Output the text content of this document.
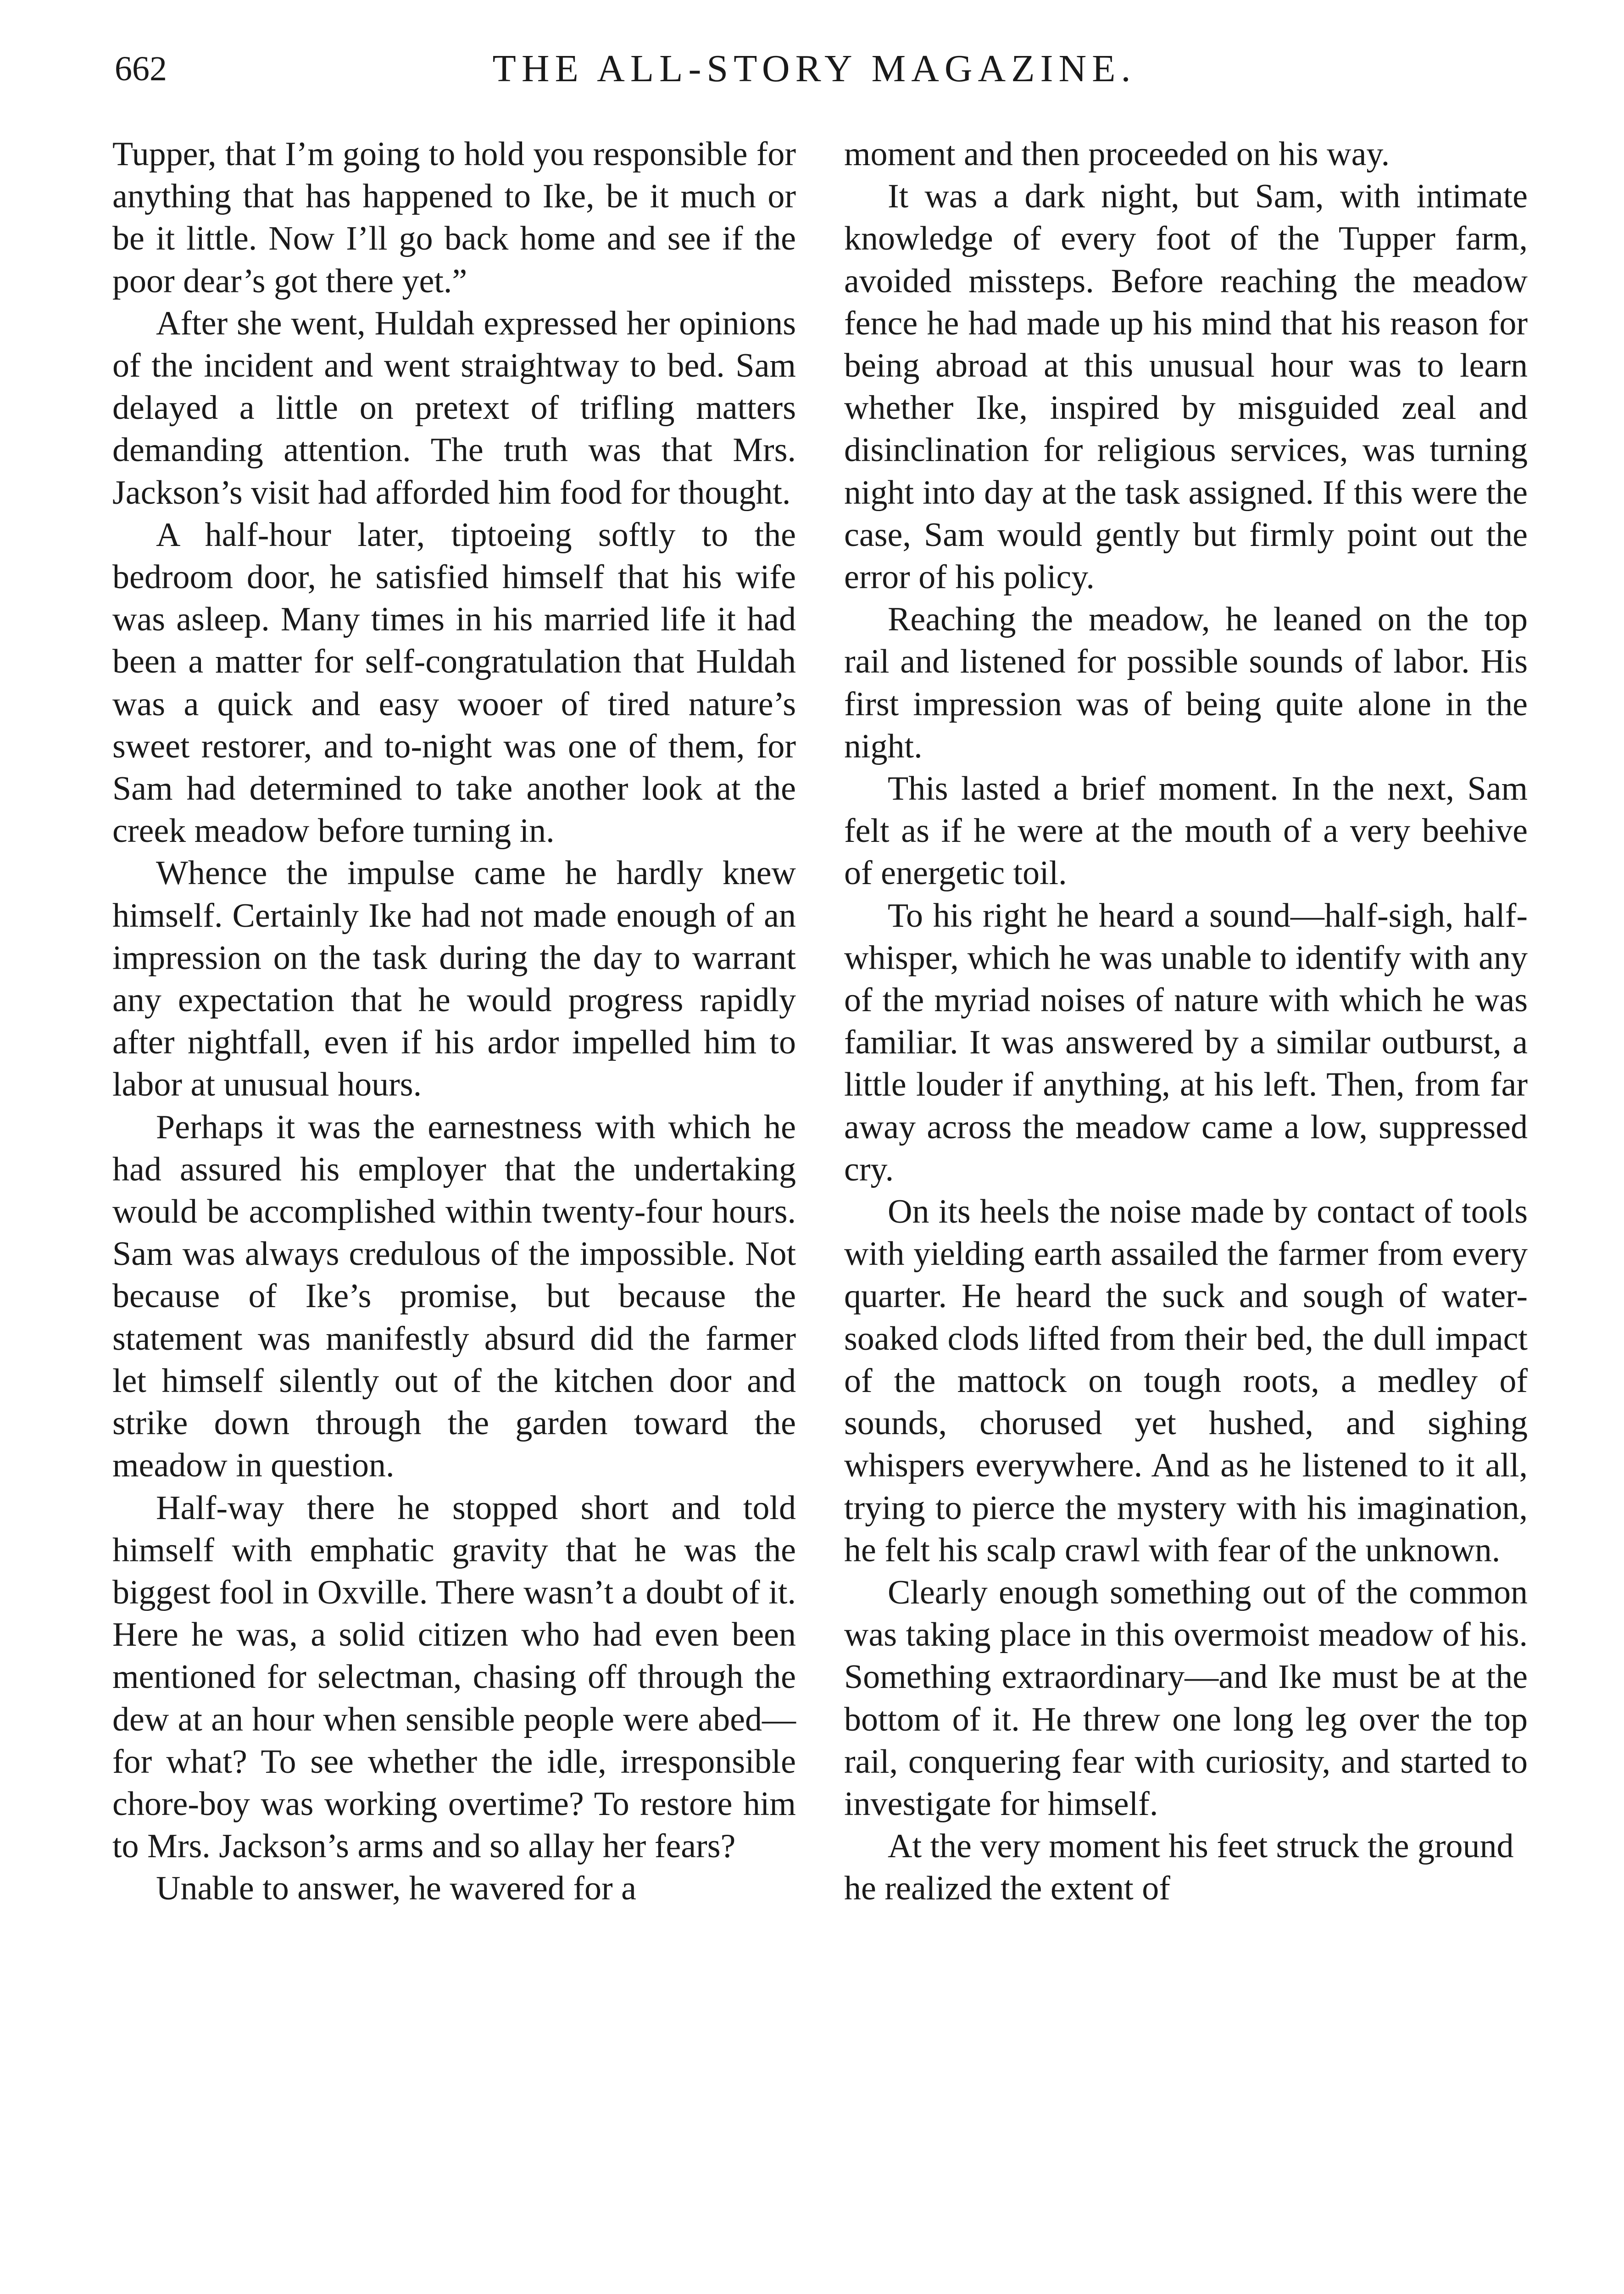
662	THE ALL-STORY MAGAZINE.

Tupper, that I’m going to hold you responsible for anything that has happened to Ike, be it much or be it little. Now I’ll go back home and see if the poor dear’s got there yet.”

After she went, Huldah expressed her opinions of the incident and went straightway to bed. Sam delayed a little on pretext of trifling matters demanding attention. The truth was that Mrs. Jackson’s visit had afforded him food for thought.

A half-hour later, tiptoeing softly to the bedroom door, he satisfied himself that his wife was asleep. Many times in his married life it had been a matter for self-congratulation that Huldah was a quick and easy wooer of tired nature’s sweet restorer, and to-night was one of them, for Sam had determined to take another look at the creek meadow before turning in.

Whence the impulse came he hardly knew himself. Certainly Ike had not made enough of an impression on the task during the day to warrant any expectation that he would progress rapidly after nightfall, even if his ardor impelled him to labor at unusual hours.

Perhaps it was the earnestness with which he had assured his employer that the undertaking would be accomplished within twenty-four hours. Sam was always credulous of the impossible. Not because of Ike’s promise, but because the statement was manifestly absurd did the farmer let himself silently out of the kitchen door and strike down through the garden toward the meadow in question.

Half-way there he stopped short and told himself with emphatic gravity that he was the biggest fool in Oxville. There wasn’t a doubt of it. Here he was, a solid citizen who had even been mentioned for selectman, chasing off through the dew at an hour when sensible people were abed—for what? To see whether the idle, irresponsible chore-boy was working overtime? To restore him to Mrs. Jackson’s arms and so allay her fears?

Unable to answer, he wavered for a

moment and then proceeded on his way.

It was a dark night, but Sam, with intimate knowledge of every foot of the Tupper farm, avoided missteps. Before reaching the meadow fence he had made up his mind that his reason for being abroad at this unusual hour was to learn whether Ike, inspired by misguided zeal and disinclination for religious services, was turning night into day at the task assigned. If this were the case, Sam would gently but firmly point out the error of his policy.

Reaching the meadow, he leaned on the top rail and listened for possible sounds of labor. His first impression was of being quite alone in the night.

This lasted a brief moment. In the next, Sam felt as if he were at the mouth of a very beehive of energetic toil.

To his right he heard a sound—half-sigh, half-whisper, which he was unable to identify with any of the myriad noises of nature with which he was familiar. It was answered by a similar outburst, a little louder if anything, at his left. Then, from far away across the meadow came a low, suppressed cry.

On its heels the noise made by contact of tools with yielding earth assailed the farmer from every quarter. He heard the suck and sough of water-soaked clods lifted from their bed, the dull impact of the mattock on tough roots, a medley of sounds, chorused yet hushed, and sighing whispers everywhere. And as he listened to it all, trying to pierce the mystery with his imagination, he felt his scalp crawl with fear of the unknown.

Clearly enough something out of the common was taking place in this overmoist meadow of his. Something extraordinary—and Ike must be at the bottom of it. He threw one long leg over the top rail, conquering fear with curiosity, and started to investigate for himself.

At the very moment his feet struck the ground he realized the extent of
